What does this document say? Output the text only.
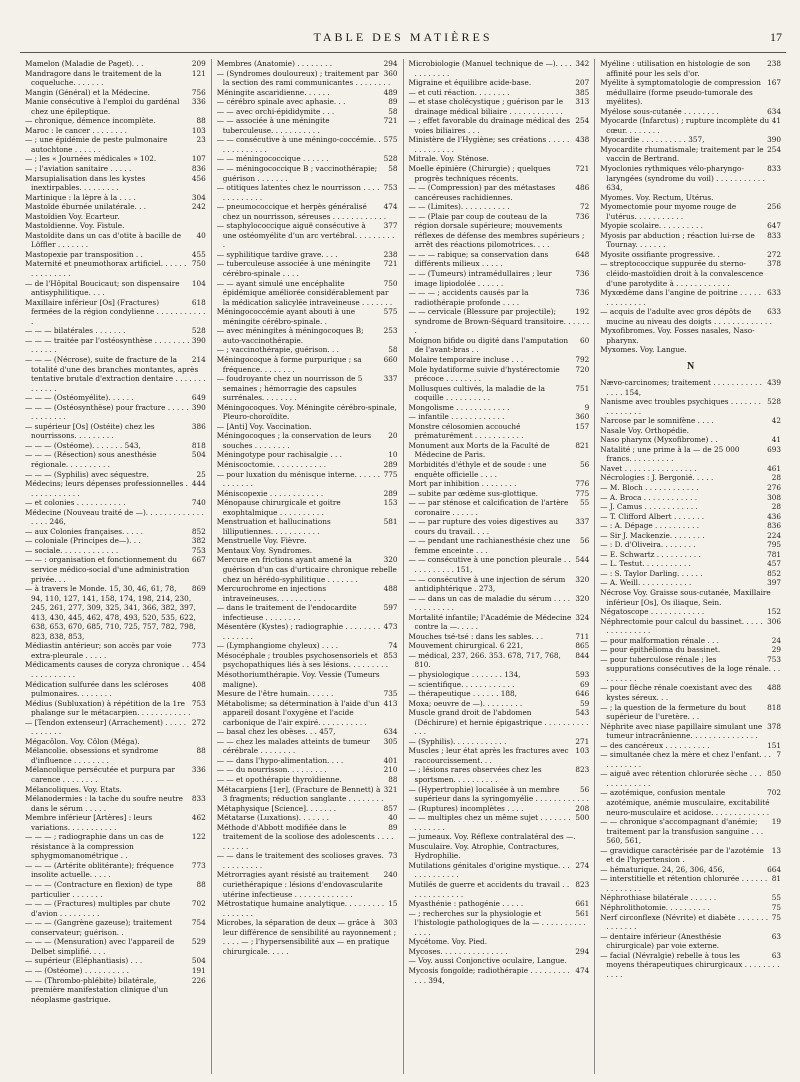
TABLE DES MATIÈRES	17
209
Mamelon (Maladie de Paget). . .
121
Mandragore dans le traitement de la coqueluche. . . . . . .
756
Mangin (Général) et la Médecine.
336
Manie consécutive à l'emploi du gardénal chez une épileptique.
88
— chronique, démence incomplète.
103
Maroc : le cancer . . . . . . . .
23
— ; une épidémie de peste pulmonaire autochtone . . . . . .
107
— ; les « Journées médicales » 102.
836
— ; l'aviation sanitaire . . . . .
456
Marsupialisation dans les kystes inextirpables. . . . . . . . .
304
Martinique : la lèpre à la . . . .
242
Mastoïde éburnée unilatérale. . .
Mastoïdien Voy. Ecarteur.
Mastoïdienne. Voy. Fistule.
40
Mastoïdite dans un cas d'otite à bacille de Löffler . . . . . . .
455
Mastopexie par transposition . .
750
Maternité et pneumothorax artificiel. . . . . . . . . . . . . . .
104
— de l'Hôpital Boucicaut; son dispensaire antisyphilitique. . . .
618
Maxillaire inférieur [Os] (Fractures) fermées de la région condylienne . . . . . . . . . . . .
528
— — — bilatérales . . . . . . .
390
— — — traitée par l'ostéosynthèse . . . . . . . . . . . . . .
214
— — — (Nécrose), suite de fracture de la totalité d'une des branches montantes, après tentative brutale d'extraction dentaire . . . . . . . . . . . . .
649
— — — (Ostéomyélite). . . . . .
390
— — — (Ostéosynthèse) pour fracture . . . . . . . . . . . . .
386
— supérieur [Os] (Ostéite) chez les nourrissons. . . . . . . . .
818
— — — (Ostéome). . . . . . . 543,
504
— — — (Résection) sous anesthésie régionale. . . . . . . . . .
25
— — — (Syphilis) avec séquestre.
444
Médecins; leurs dépenses professionnelles . . . . . . . . . . . .
740
— et colonies . . . . . . . . . . .
Médecine (Nouveau traité de —). . . . . . . . . . . . . . . . . 246,
852
— aux Colonies françaises. . . . .
382
— coloniale (Principes de—). . .
753
— sociale. . . . . . . . . . . . .
667
— — : organisation et fonctionnement du service médico-social d'une administration privée. . .
869
— à travers le Monde. 15, 30, 46, 61, 78, 94, 110, 127, 141, 158, 174, 198, 214, 230, 245, 261, 277, 309, 325, 341, 366, 382, 397, 413, 430, 445, 462, 478, 493, 520, 535, 622, 638, 653, 670, 685, 710, 725, 757, 782, 798, 823, 838, 853,
773
Médiastin antérieur; son accès par voie extra-pleurale . . . . .
454
Médicaments causes de coryza chronique . . . . . . . . . . . .
408
Médication sulfurée dans les scléroses pulmonaires. . . . . . . .
753
Médius (Subluxation) à répétition de la 1re phalange sur le métacarpien. . . . . . . . . . . .
272
— [Tendon extenseur] (Arrachement) . . . . . . . . . . . .
Mégacôlon. Voy. Côlon (Méga).
88
Mélancolie. obsessions et syndrome d'influence . . . . . . . .
336
Mélancolique persécutée et purpura par carence . . . . . . . .
Mélancoliques. Voy. Etats.
833
Mélanodermies : la tache du soufre neutre dans le sérum . . . . .
462
Membre inférieur [Artères] : leurs variations. . . . . . . . . . .
122
— — — ; radiographie dans un cas de résistance à la compression sphygmomanométrique . .
773
— — — (Artérite oblitérante); fréquence insolite actuelle. . . . .
88
— — — (Contracture en flexion) de type particulier . . . . . . .
702
— — — (Fractures) multiples par chute d'avion . . . . . . . . .
754
— — — (Gangrène gazeuse); traitement conservateur; guérison. .
529
— — — (Mensuration) avec l'appareil de Delbet simplifié. . . .
504
— supérieur (Eléphantiasis) . . .
191
— — (Ostéome) . . . . . . . . . .
226
— — (Thrombo-phlébite) bilatérale, première manifestation clinique d'un néoplasme gastrique.
294
Membres (Anatomie) . . . . . . . .
360
— (Syndromes douloureux) ; traitement par la section des rami communicantes . . . . . . . .
489
Méningite ascaridienne. . . . . .
89
— cérébro spinale avec aphasie. . .
58
— — avec orchi-épididymite . . .
721
— — associée à une méningite tuberculeuse. . . . . . . . . . .
575
— — consécutive à une méningo-coccémie. . . . . . . . . . . .
528
— — méningococcique . . . . . .
58
— — méningococcique B ; vaccinothérapie; guérison . . . . . . .
753
— otitiques latentes chez le nourrisson . . . . . . . . . . . . .
474
— pneumococcique et herpès généralisé chez un nourrisson, séreuses . . . . . . . . . . . .
377
— staphylococcique aiguë consécutive à une ostéomyélite d'un arc vertébral. . . . . . . . . .
238
— syphilitique tardive grave. . . .
721
— tuberculeuse associée à une méningite cérébro-spinale . . . .
750
— — ayant simulé une encéphalite épidémique améliorée considérablement par la médication salicylée intraveineuse . . . . . . .
575
Méningococcémie ayant abouti à une méningite cérébro-spinale. .
253
— avec méningites à méningocoques B; auto-vaccinothérapie.
58
— ; vaccinothérapie, guérison. . .
660
Méningocoque à forme purpurique ; sa fréquence. . . . . . . .
337
— foudroyante chez un nourrisson de 5 semaines ; hémorragie des capsules surrénales. . . . . . . .
Méningocoques. Voy. Méningite cérébro-spinale, Pleuro-choroïdite.
— [Anti] Voy. Vaccination.
20
Méningocoques ; la conservation de leurs souches . . . . . . . .
10
Méningotype pour rachisalgie . . .
289
Méniscoctomie. . . . . . . . . . . .
775
— pour luxation du ménisque interne. . . . . . . . . . . . .
289
Méniscopexie . . . . . . . . . . . .
153
Ménopause chirurgicale et goitre exophtalmique . . . . . . . . . .
581
Menstruation et hallucinations lilliputiennes. . . . . . . . . . .
Menstruelle Voy. Fièvre.
Mentaux Voy. Syndromes.
320
Mercure en frictions ayant amené la guérison d'un cas d'urticaire chronique rebelle chez un hérédo-syphilitique . . . . . . .
488
Mercurochrome en injections intraveineuses. . . . . . . . . . .
597
— dans le traitement de l'endocardite infectieuse . . . . . . . .
473
Mésentère (Kystes) ; radiographie . . . . . . . . . . . . . . .
74
— (Lymphangiome chyleux) . . . .
853
Mésocéphale ; troubles psychosensoriels et psychopathiques liés à ses lésions. . . . . . . . .
Mésothoriumthérapie. Voy. Vessie (Tumeurs maligne).
735
Mesure de l'être humain. . . . . .
413
Métabolisme; sa détermination à l'aide d'un appareil dosant l'oxygène et l'acide carbonique de l'air expiré. . . . . . . . . . .
634
— basal chez les obèses. . . 457,
305
— — chez les malades atteints de tumeur cérébrale . . . . . . . .
401
— — dans l'hypo-alimentation. . . .
210
— — du nourrisson. . . . . . . . .
88
— — et opothérapie thyroïdienne.
321
Métacarpiens [1er], (Fracture de Bennett) à 3 fragments; réduction sanglante . . . . . . . .
857
Métaphysique [Science]. . . . . . .
40
Métatarse (Luxations). . . . . . .
89
Méthode d'Abbott modifiée dans le traitement de la scoliose des adolescents . . . . . . . . . .
73
— — dans le traitement des scolioses graves. . . . . . . . . .
240
Métrorragies ayant résisté au traitement curiethérapique : lésions d'endovascularite utérine infectieuse . . . . . . . . . . . . .
15
Métrostatique humaine analytique. . . . . . . . . . . . . . . .
303
Microbes, la séparation de deux — grâce à leur différence de sensibilité au rayonnement ; . . . . — ; l'hypersensibilité aux — en pratique chirurgicale. . . . .
342
Microbiologie (Manuel technique de —). . . . . . . . . . . .
207
Migraine et équilibre acide-base.
385
— et cuti réaction. . . . . . . .
313
— et stase cholécystique ; guérison par le drainage médical biliaire . . . . . . . . . . . .
254
— ; effet favorable du drainage médical des voies biliaires . . .
438
Ministère de l'Hygiène; ses créations . . . . . . . . . . . . . .
Mitrale. Voy. Sténose.
721
Moelle épinière (Chirurgie) ; quelques progrès techniques récents.
486
— — (Compression) par des métastases cancéreuses rachidiennes.
72
— — (Limites). . . . . . . . . . .
736
— — (Plaie par coup de couteau de la région dorsale supérieure; mouvements réflexes de défense des membres supérieurs ; arrêt des réactions pilomotrices. . . .
648
— — — rabique; sa conservation dans différents milieux . . . . .
736
— — (Tumeurs) intramédullaires ; leur image lipiodolée . . . . . .
736
— — — ; accidents causés par la radiothérapie profonde . . . .
192
— — cervicale (Blessure par projectile); syndrome de Brown-Séquard transitoire. . . . . . .
60
Moignon bifide ou digité dans l'amputation de l'avant-bras . .
792
Molaire temporaire incluse . . .
720
Mole hydatiforme suivie d'hystérectomie précoce . . . . . . . .
751
Mollusques cultivés, la maladie de la coquille . . . . . . . . . .
9
Mongolisme . . . . . . . . . . . .
360
— infantile . . . . . . . . . . . .
157
Monstre célosomien accouché prématurément . . . . . . . . . . .
821
Monument aux Morts de la Faculté de Médecine de Paris.
56
Morbidités d'éthyle et de soude : une enquête officielle . . . .
776
Mort par inhibition . . . . . . . .
775
— subite par œdème sus-glottique.
55
— — par sténose et calcification de l'artère coronaire . . . . . .
337
— — par rupture des voies digestives au cours du travail. . . .
56
— — pendant une rachianesthésie chez une femme enceinte . . .
544
— — consécutive à une ponction pleurale . . . . . . . . . . . 151,
320
— — consécutive à une injection de sérum antidiphtérique . 273,
320
— — dans un cas de maladie du sérum . . . . . . . . . . . . .
324
Mortalité infantile; l'Académie de Médecine contre la —. . . . .
711
Mouches tsé-tsé : dans les sables. . .
865
Mouvement chirurgical. 6 221,
844
— médical, 237, 266. 353. 678, 717, 768, 810.
593
— physiologique . . . . . . . 134,
69
— scientifique. . . . . . . . . . . .
646
— thérapeutique . . . . . . 188,
59
Moxa; oeuvre de —). . . . . . . . .
543
Muscle grand droit de l'abdomen (Déchirure) et hernie épigastrique . . . . . . . . . . . . .
271
— (Syphilis). . . . . . . . . . . .
103
Muscles ; leur état après les fractures avec raccourcissement. . .
823
— ; lésions rares observées chez les sportsmen. . . . . . . . . .
56
— (Hypertrophie) localisée à un membre supérieur dans la syringomyélie . . . . . . . . . . . .
208
— (Ruptures) incomplètes . . . .
500
— — multiples chez un même sujet . . . . . . . . . . . . . .
— jumeaux. Voy. Réflexe contralatéral des —.
Musculaire. Voy. Atrophie, Contractures, Hydrophilie.
274
Mutilations génitales d'origine mystique. . . . . . . . . . . . .
823
Mutilés de guerre et accidents du travail . . . . . . . . . . . . .
661
Myasthénie : pathogénie . . . . .
561
— ; recherches sur la physiologie et l'histologie pathologiques de la — . . . . . . . . . . . . . .
Mycétome. Voy. Pied.
294
Mycoses. . . . . . . . . . . . . . .
— Voy. aussi Conjonctive oculaire, Langue.
474
Mycosis fongoïde; radiothérapie . . . . . . . . . . . . 394,
238
Myéline : utilisation en histologie de son affinité pour les sels d'or.
167
Myélite à symptomatologie de compression médullaire (forme pseudo-tumorale des myélites).
634
Myélose sous-cutanée . . . . . . . .
41
Myocarde (Infarctus) ; rupture incomplète du cœur. . . . . . . .
390
Myocardie . . . . . . . . . . 357,
254
Myocardite rhumatismale; traitement par le vaccin de Bertrand.
833
Myoclonies rythmiques vélo-pharyngo-laryngées (syndrome du voil) . . . . . . . . . . . 634,
Myomes. Voy. Rectum, Utérus.
256
Myomectomie pour myome rouge de l'utérus. . . . . . . . . . .
647
Myopie scolaire. . . . . . . . . .
833
Myosis par abduction ; réaction lui-rse de Tournay. . . . . . .
272
Myosite ossifiante progressive. .
378
— streptococcique suppurée du sterno-cléido-mastoïdien droit à la convalescence d'une parotydite à . . . . . . . . . . . .
633
Myxœdème dans l'angine de poitrine . . . . . . . . . . . . . .
633
— acquis de l'adulte avec gros dépôts de mucine au niveau des doigts . . . . . . . . . . . . .
Myxofibromes. Voy. Fosses nasales, Naso-pharynx.
Myxomes. Voy. Langue.
N
439
Nævo-carcinomes; traitement . . . . . . . . . . . . . . . 154,
528
Nanisme avec troubles psychiques . . . . . . . . . . . . . . .
42
Narcose par le somnifène . . . .
Nasale Voy. Orthopédie.
41
Naso pharynx (Myxofibrome) . .
693
Natalité ; une prime à la — de 25 000 francs. . . . . . . . . .
461
Navet . . . . . . . . . . . . . . . .
28
Nécrologies : J. Bergonié. . . . .
276
— M. Bloch . . . . . . . . . . . .
308
— A. Broca . . . . . . . . . . . .
28
— J. Camus . . . . . . . . . . . .
436
— T. Clifford Albert . . . . . . .
836
— : A. Dépage . . . . . . . . . .
224
— Sir J. Mackenzie. . . . . . . .
795
— : D. d'Oliveira. . . . . . . .
781
— E. Schwartz . . . . . . . . . .
457
— L. Testut. . . . . . . . . . .
852
— : S. Taylor Darling. . . . . .
397
— A. Weill. . . . . . . . . . . .
Nécrose Voy. Graisse sous-cutanée, Maxillaire inférieur [Os], Os iliaque, Sein.
152
Négatoscope . . . . . . . . . . . .
306
Néphrectomie pour calcul du bassinet. . . . . . . . . . . . . . .
24
— pour malformation rénale . . .
29
— pour épithélioma du bassinet.
753
— pour tuberculose rénale ; les suppurations consécutives de la loge rénale. . . . . . . . . .
488
— pour flèche rénale coexistant avec des kystes séreux. . .
818
— ; la question de la fermeture du bout supérieur de l'uretère. . .
378
Néphrite avec niase papillaire simulant une tumeur intracrânienne. . . . . . . . . . . . . . .
151
— des cancéreux . . . . . . . . . .
7
— simultanée chez la mère et chez l'enfant. . . . . . . . . . .
850
— aiguë avec rétention chlorurée sèche . . . . . . . . . . . . .
702
— azotémique, confusion mentale azotémique, anémie musculaire, excitabilité neuro-musculaire et acidose. . . . . . . . . . . . .
19
— — chronique s'accompagnant d'anémie; traitement par la transfusion sanguine . . . 560, 561,
13
— gravidique caractérisée par de l'azotémie et de l'hypertension .
664
— hématurique. 24, 26, 306, 456,
81
— interstitielle et rétention chlorurée . . . . . . . . . . . . . .
55
Néphrothiase bilatérale . . . . . .
75
Néphrolithotomie. . . . . . . . . .
75
Nerf circonflexe (Névrite) et diabète . . . . . . . . . . . . . .
63
— dentaire inférieur (Anesthésie chirurgicale) par voie externe.
63
— facial (Névralgie) rebelle à tous les moyens thérapeutiques chirurgicaux . . . . . . . . . . . .
